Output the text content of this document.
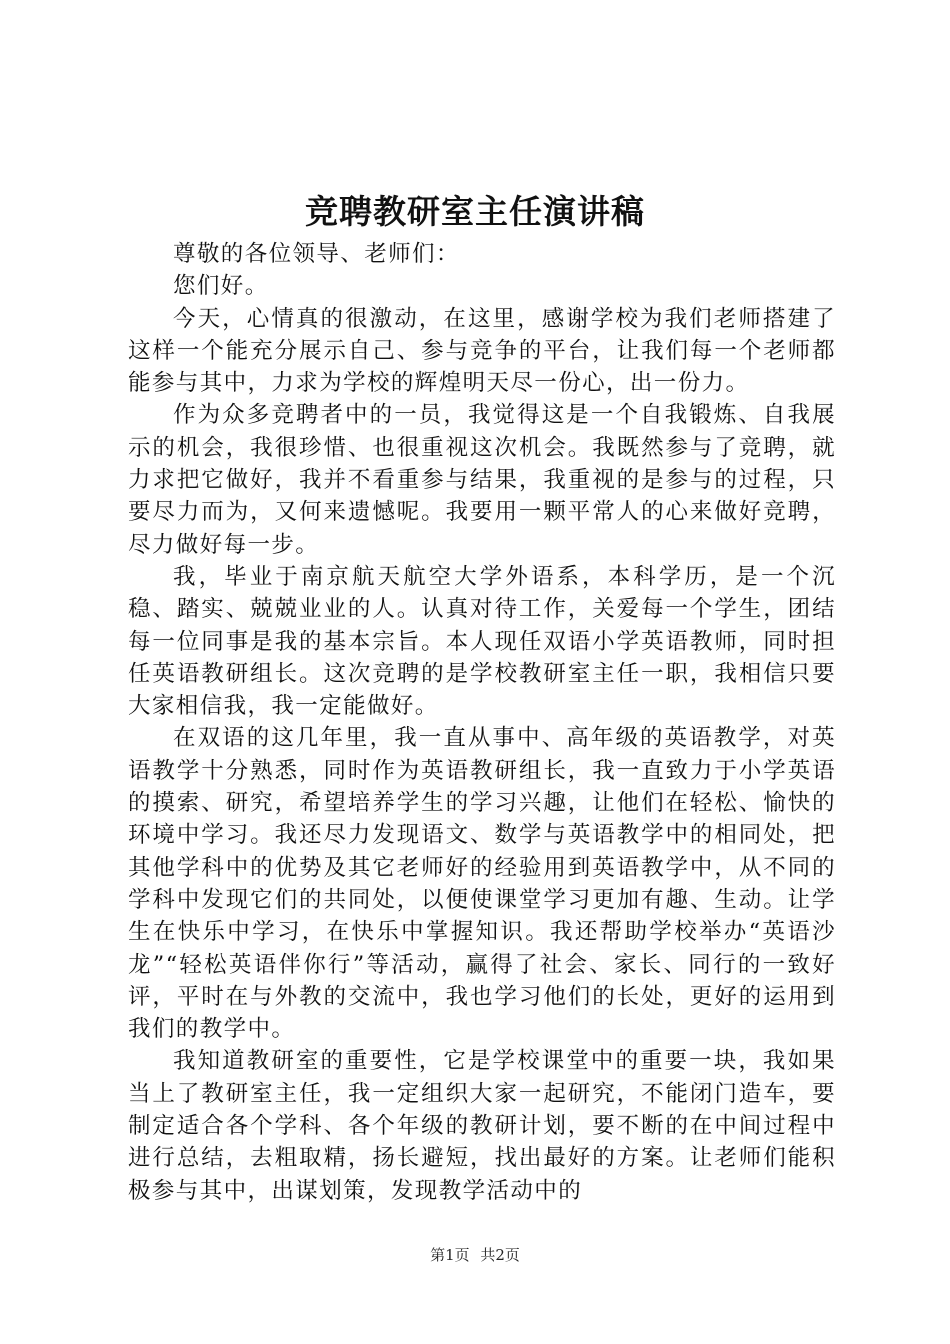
竞聘教研室主任演讲稿

尊敬的各位领导、老师们：

您们好。

今天，心情真的很激动，在这里，感谢学校为我们老师搭建了这样一个能充分展示自己、参与竞争的平台，让我们每一个老师都能参与其中，力求为学校的辉煌明天尽一份心，出一份力。

作为众多竞聘者中的一员，我觉得这是一个自我锻炼、自我展示的机会，我很珍惜、也很重视这次机会。我既然参与了竞聘，就力求把它做好，我并不看重参与结果，我重视的是参与的过程，只要尽力而为，又何来遗憾呢。我要用一颗平常人的心来做好竞聘，尽力做好每一步。

我，毕业于南京航天航空大学外语系，本科学历，是一个沉稳、踏实、兢兢业业的人。认真对待工作，关爱每一个学生，团结每一位同事是我的基本宗旨。本人现任双语小学英语教师，同时担任英语教研组长。这次竞聘的是学校教研室主任一职，我相信只要大家相信我，我一定能做好。

在双语的这几年里，我一直从事中、高年级的英语教学，对英语教学十分熟悉，同时作为英语教研组长，我一直致力于小学英语的摸索、研究，希望培养学生的学习兴趣，让他们在轻松、愉快的环境中学习。我还尽力发现语文、数学与英语教学中的相同处，把其他学科中的优势及其它老师好的经验用到英语教学中，从不同的学科中发现它们的共同处，以便使课堂学习更加有趣、生动。让学生在快乐中学习，在快乐中掌握知识。我还帮助学校举办“英语沙龙”“轻松英语伴你行”等活动，赢得了社会、家长、同行的一致好评，平时在与外教的交流中，我也学习他们的长处，更好的运用到我们的教学中。

我知道教研室的重要性，它是学校课堂中的重要一块，我如果当上了教研室主任，我一定组织大家一起研究，不能闭门造车，要制定适合各个学科、各个年级的教研计划，要不断的在中间过程中进行总结，去粗取精，扬长避短，找出最好的方案。让老师们能积极参与其中，出谋划策，发现教学活动中的

第1页 共2页
